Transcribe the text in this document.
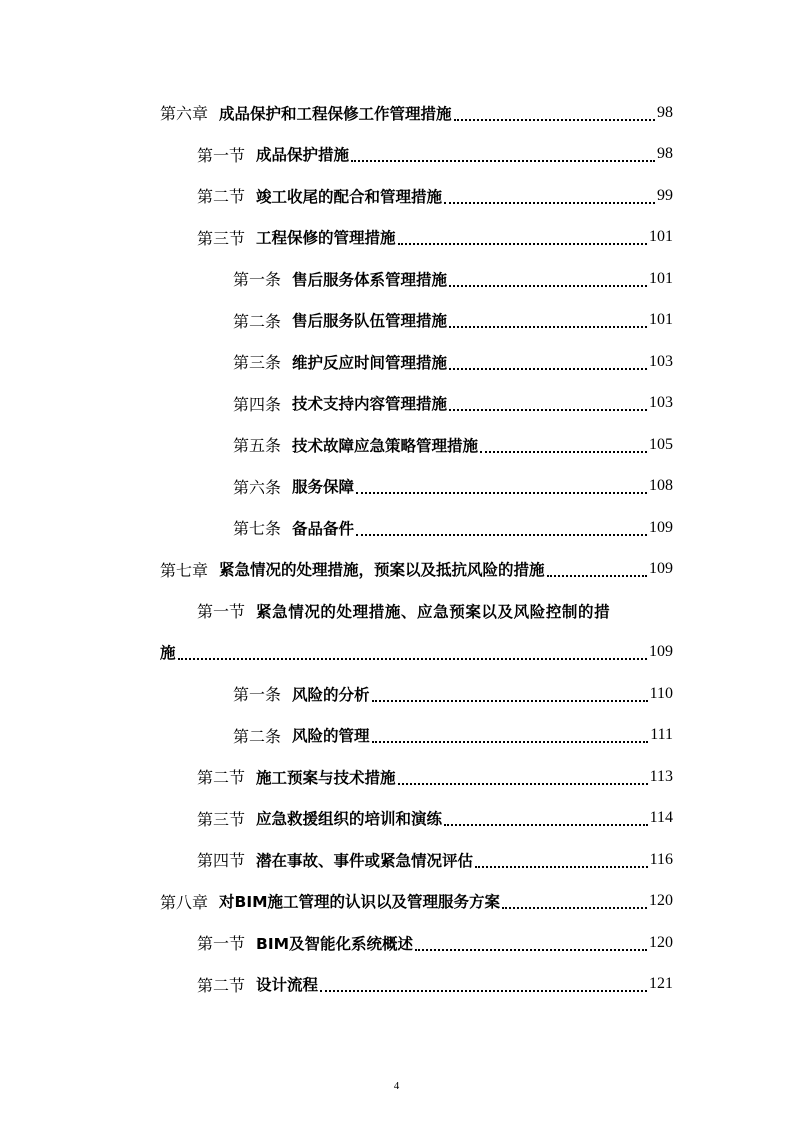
第六章 成品保护和工程保修工作管理措施	98
第一节 成品保护措施	98
第二节 竣工收尾的配合和管理措施	99
第三节 工程保修的管理措施	101
第一条 售后服务体系管理措施	101
第二条 售后服务队伍管理措施	101
第三条 维护反应时间管理措施	103
第四条 技术支持内容管理措施	103
第五条 技术故障应急策略管理措施	105
第六条 服务保障	108
第七条 备品备件	109
第七章 紧急情况的处理措施，预案以及抵抗风险的措施	109
第一节 紧急情况的处理措施、应急预案以及风险控制的措
施	109
第一条 风险的分析	110
第二条 风险的管理	111
第二节 施工预案与技术措施	113
第三节 应急救援组织的培训和演练	114
第四节 潜在事故、事件或紧急情况评估	116
第八章 对BIM施工管理的认识以及管理服务方案	120
第一节 BIM及智能化系统概述	120
第二节 设计流程	121
4
